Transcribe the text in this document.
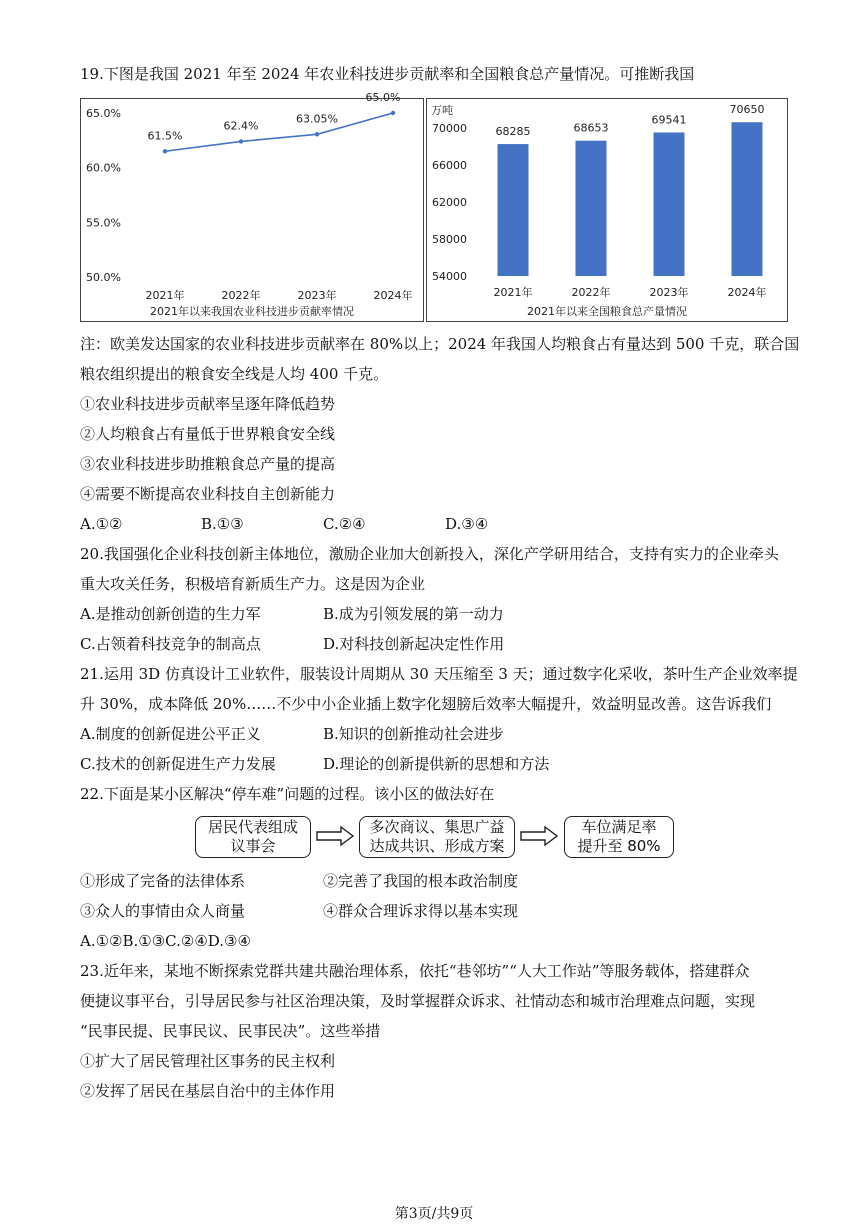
19.下图是我国 2021 年至 2024 年农业科技进步贡献率和全国粮食总产量情况。可推断我国
65.0%
60.0%
55.0%
50.0%
2021年	2022年	2023年	2024年
61.5%
62.4%
63.05%
65.0%
2021年以来我国农业科技进步贡献率情况
万吨
70000
66000
62000
58000
54000
68285
2021年
68653
2022年
69541
2023年
70650
2024年
2021年以来全国粮食总产量情况
注：欧美发达国家的农业科技进步贡献率在 80%以上；2024 年我国人均粮食占有量达到 500 千克，联合国
粮农组织提出的粮食安全线是人均 400 千克。
①农业科技进步贡献率呈逐年降低趋势
②人均粮食占有量低于世界粮食安全线
③农业科技进步助推粮食总产量的提高
④需要不断提高农业科技自主创新能力
A.①②	B.①③	C.②④	D.③④
20.我国强化企业科技创新主体地位，激励企业加大创新投入，深化产学研用结合，支持有实力的企业牵头
重大攻关任务，积极培育新质生产力。这是因为企业
A.是推动创新创造的生力军	B.成为引领发展的第一动力
C.占领着科技竞争的制高点	D.对科技创新起决定性作用
21.运用 3D 仿真设计工业软件，服装设计周期从 30 天压缩至 3 天；通过数字化采收，茶叶生产企业效率提
升 30%，成本降低 20%……不少中小企业插上数字化翅膀后效率大幅提升，效益明显改善。这告诉我们
A.制度的创新促进公平正义	B.知识的创新推动社会进步
C.技术的创新促进生产力发展	D.理论的创新提供新的思想和方法
22.下面是某小区解决“停车难”问题的过程。该小区的做法好在
居民代表组成
议事会
多次商议、集思广益
达成共识、形成方案
车位满足率
提升至 80%
①形成了完备的法律体系	②完善了我国的根本政治制度
③众人的事情由众人商量	④群众合理诉求得以基本实现
A.①②B.①③C.②④D.③④
23.近年来，某地不断探索党群共建共融治理体系，依托“巷邻坊”“人大工作站”等服务载体，搭建群众
便捷议事平台，引导居民参与社区治理决策，及时掌握群众诉求、社情动态和城市治理难点问题，实现
“民事民提、民事民议、民事民决”。这些举措
①扩大了居民管理社区事务的民主权利
②发挥了居民在基层自治中的主体作用
第3页/共9页
